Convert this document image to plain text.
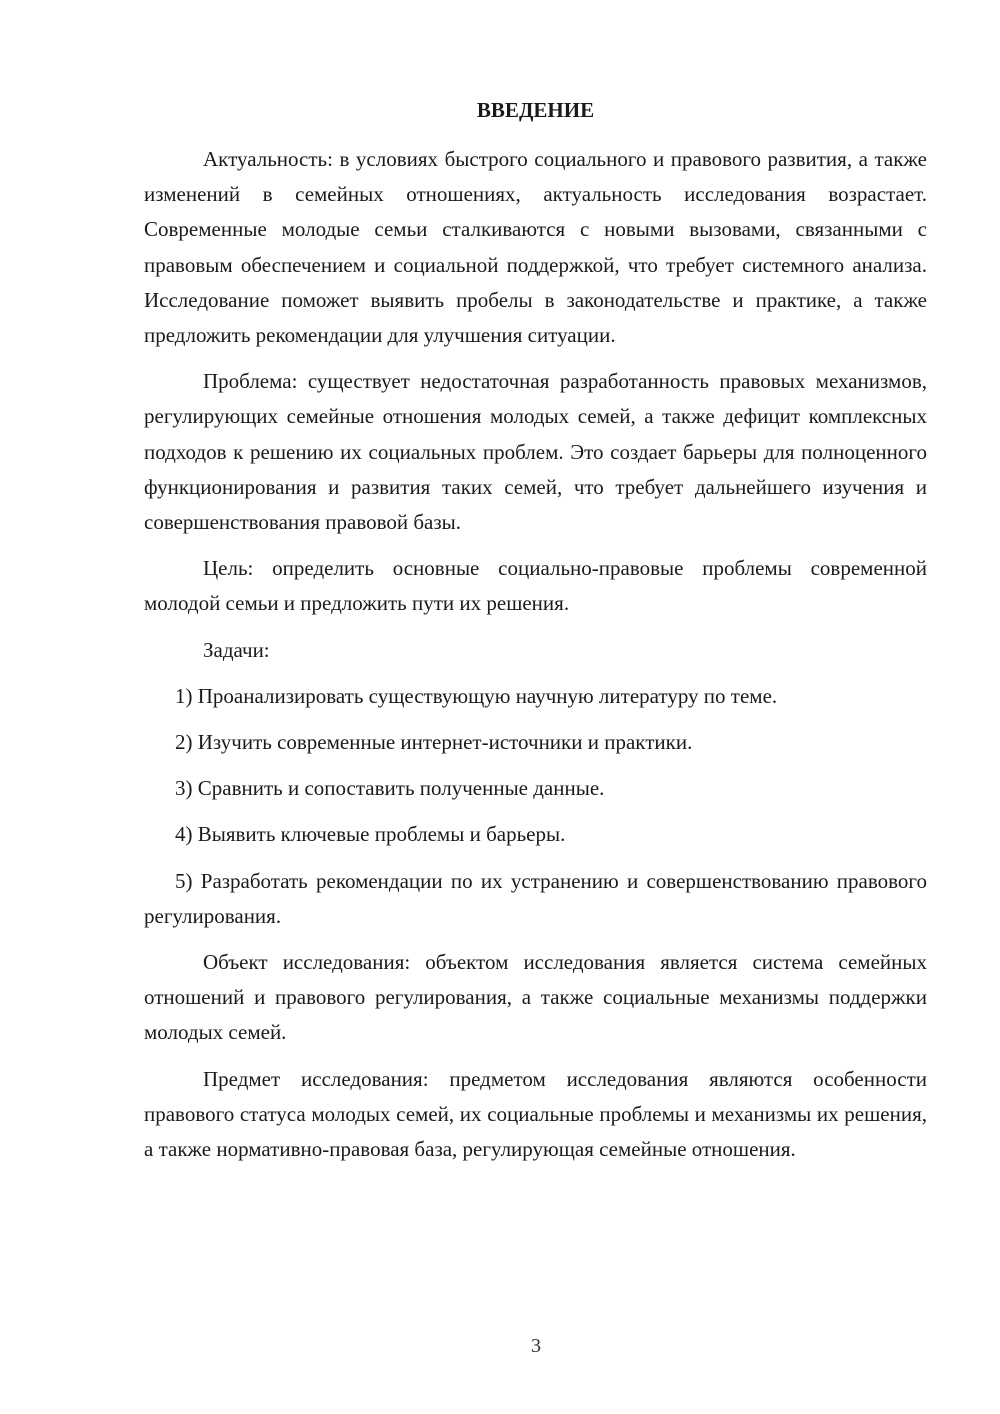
ВВЕДЕНИЕ

Актуальность: в условиях быстрого социального и правового развития, а также изменений в семейных отношениях, актуальность исследования возрастает. Современные молодые семьи сталкиваются с новыми вызовами, связанными с правовым обеспечением и социальной поддержкой, что требует системного анализа. Исследование поможет выявить пробелы в законодательстве и практике, а также предложить рекомендации для улучшения ситуации.

Проблема: существует недостаточная разработанность правовых механизмов, регулирующих семейные отношения молодых семей, а также дефицит комплексных подходов к решению их социальных проблем. Это создает барьеры для полноценного функционирования и развития таких семей, что требует дальнейшего изучения и совершенствования правовой базы.

Цель: определить основные социально-правовые проблемы современной молодой семьи и предложить пути их решения.

Задачи:

1) Проанализировать существующую научную литературу по теме.

2) Изучить современные интернет-источники и практики.

3) Сравнить и сопоставить полученные данные.

4) Выявить ключевые проблемы и барьеры.

5) Разработать рекомендации по их устранению и совершенствованию правового регулирования.

Объект исследования: объектом исследования является система семейных отношений и правового регулирования, а также социальные механизмы поддержки молодых семей.

Предмет исследования: предметом исследования являются особенности правового статуса молодых семей, их социальные проблемы и механизмы их решения, а также нормативно-правовая база, регулирующая семейные отношения.

3
